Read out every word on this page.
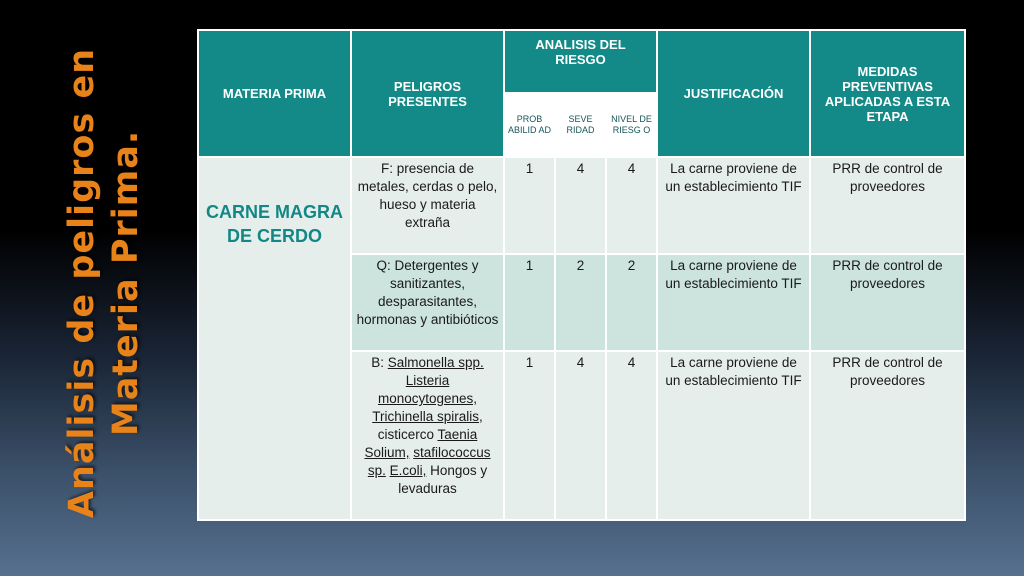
Análisis de peligros en Materia Prima.
MATERIA PRIMA	PELIGROS PRESENTES	ANALISIS DEL RIESGO			JUSTIFICACIÓN	MEDIDAS PREVENTIVAS APLICADAS A ESTA ETAPA
		PROB ABILID AD	SEVE RIDAD	NIVEL DE RIESG O		
CARNE MAGRA DE CERDO	F: presencia de metales, cerdas o pelo, hueso y materia extraña	1	4	4	La carne proviene de un establecimiento TIF	PRR de control de proveedores
	Q: Detergentes y sanitizantes, desparasitantes, hormonas y antibióticos	1	2	2	La carne proviene de un establecimiento TIF	PRR de control de proveedores
	B: Salmonella spp. Listeria monocytogenes, Trichinella spiralis, cisticerco Taenia Solium, stafilococcus sp. E.coli, Hongos y levaduras	1	4	4	La carne proviene de un establecimiento TIF	PRR de control de proveedores
